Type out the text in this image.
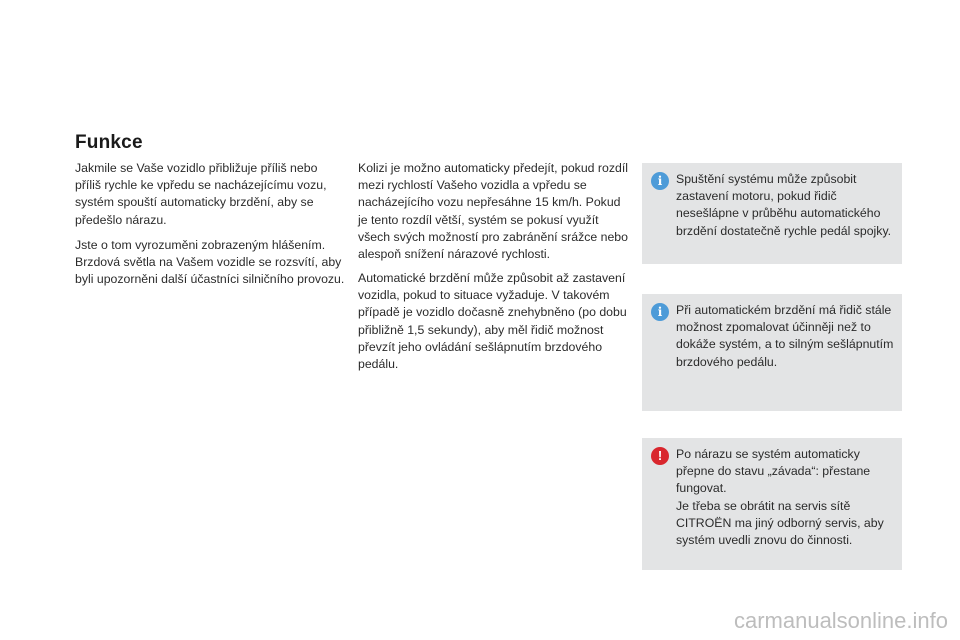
Funkce

Jakmile se Vaše vozidlo přibližuje příliš nebo příliš rychle ke vpředu se nacházejícímu vozu, systém spouští automaticky brzdění, aby se předešlo nárazu.

Jste o tom vyrozuměni zobrazeným hlášením. Brzdová světla na Vašem vozidle se rozsvítí, aby byli upozorněni další účastníci silničního provozu.

Kolizi je možno automaticky předejít, pokud rozdíl mezi rychlostí Vašeho vozidla a vpředu se nacházejícího vozu nepřesáhne 15 km/h. Pokud je tento rozdíl větší, systém se pokusí využít všech svých možností pro zabránění srážce nebo alespoň snížení nárazové rychlosti.

Automatické brzdění může způsobit až zastavení vozidla, pokud to situace vyžaduje. V takovém případě je vozidlo dočasně znehybněno (po dobu přibližně 1,5 sekundy), aby měl řidič možnost převzít jeho ovládání sešlápnutím brzdového pedálu.

i	Spuštění systému může způsobit zastavení motoru, pokud řidič nesešlápne v průběhu automatického brzdění dostatečně rychle pedál spojky.

i	Při automatickém brzdění má řidič stále možnost zpomalovat účinněji než to dokáže systém, a to silným sešlápnutím brzdového pedálu.

!	Po nárazu se systém automaticky přepne do stavu „závada“: přestane fungovat.
Je třeba se obrátit na servis sítě CITROËN ma jiný odborný servis, aby systém uvedli znovu do činnosti.

carmanualsonline.info
